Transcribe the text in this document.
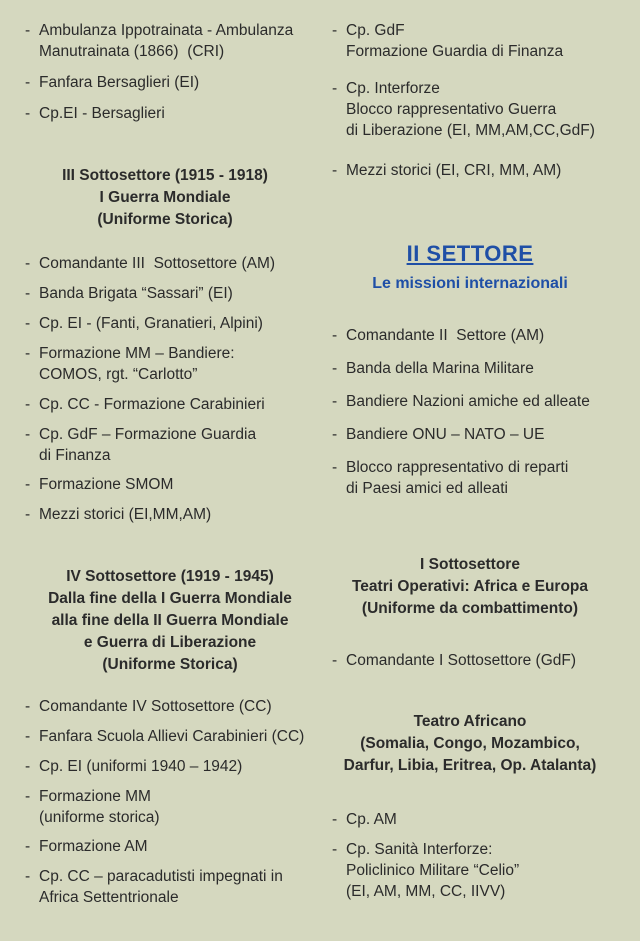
- Ambulanza Ippotrainata - Ambulanza
Manutrainata (1866)  (CRI)
- Fanfara Bersaglieri (EI)
- Cp.EI - Bersaglieri
III Sottosettore (1915 - 1918)
I Guerra Mondiale
(Uniforme Storica)
- Comandante III  Sottosettore (AM)
- Banda Brigata “Sassari” (EI)
- Cp. EI - (Fanti, Granatieri, Alpini)
- Formazione MM – Bandiere:
COMOS, rgt. “Carlotto”
- Cp. CC - Formazione Carabinieri
- Cp. GdF – Formazione Guardia
di Finanza
- Formazione SMOM
- Mezzi storici (EI,MM,AM)
IV Sottosettore (1919 - 1945)
Dalla fine della I Guerra Mondiale
alla fine della II Guerra Mondiale
e Guerra di Liberazione
(Uniforme Storica)
- Comandante IV Sottosettore (CC)
- Fanfara Scuola Allievi Carabinieri (CC)
- Cp. EI (uniformi 1940 – 1942)
- Formazione MM
(uniforme storica)
- Formazione AM
- Cp. CC – paracadutisti impegnati in
Africa Settentrionale
II SETTORE
Le missioni internazionali
- Cp. GdF
Formazione Guardia di Finanza
- Cp. Interforze
Blocco rappresentativo Guerra
di Liberazione (EI, MM,AM,CC,GdF)
- Mezzi storici (EI, CRI, MM, AM)
- Comandante II  Settore (AM)
- Banda della Marina Militare
- Bandiere Nazioni amiche ed alleate
- Bandiere ONU – NATO – UE
- Blocco rappresentativo di reparti
di Paesi amici ed alleati
I Sottosettore
Teatri Operativi: Africa e Europa
(Uniforme da combattimento)
- Comandante I Sottosettore (GdF)
Teatro Africano
(Somalia, Congo, Mozambico,
Darfur, Libia, Eritrea, Op. Atalanta)
- Cp. AM
- Cp. Sanità Interforze:
Policlinico Militare “Celio”
(EI, AM, MM, CC, IIVV)
